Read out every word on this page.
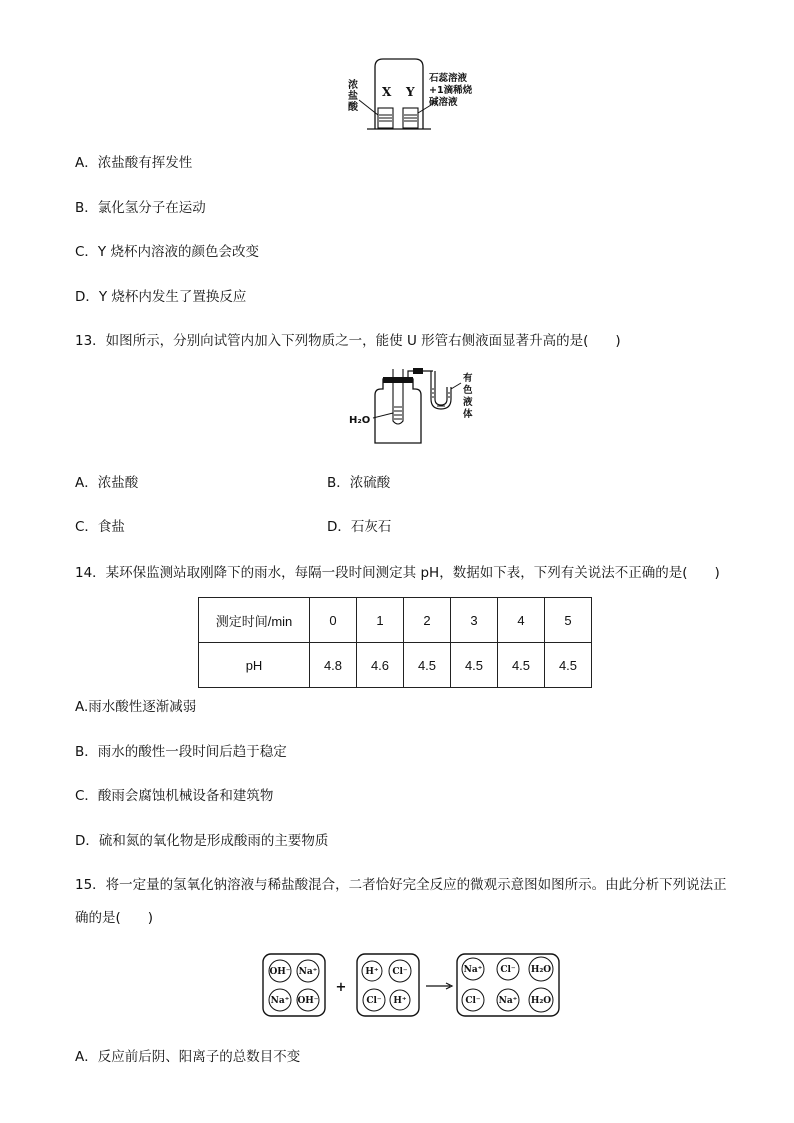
X Y
浓
盐
酸
石蕊溶液
+1滴稀烧
碱溶液
A．浓盐酸有挥发性
B．氯化氢分子在运动
C．Y 烧杯内溶液的颜色会改变
D．Y 烧杯内发生了置换反应
13．如图所示，分别向试管内加入下列物质之一，能使 U 形管右侧液面显著升高的是(　　)
H₂O
有
色
液
体
A．浓盐酸	B．浓硫酸
C．食盐	D．石灰石
14．某环保监测站取刚降下的雨水，每隔一段时间测定其 pH，数据如下表，下列有关说法不正确的是(　　)
测定时间/min	0	1	2	3	4	5
pH	4.8	4.6	4.5	4.5	4.5	4.5
A.雨水酸性逐渐减弱
B．雨水的酸性一段时间后趋于稳定
C．酸雨会腐蚀机械设备和建筑物
D．硫和氮的氧化物是形成酸雨的主要物质
15．将一定量的氢氧化钠溶液与稀盐酸混合，二者恰好完全反应的微观示意图如图所示。由此分析下列说法正
确的是(　　)
OH⁻ Na⁺
Na⁺ OH⁻
+
H⁺ Cl⁻
Cl⁻ H⁺
Na⁺ Cl⁻ H₂O
Cl⁻ Na⁺ H₂O
A．反应前后阴、阳离子的总数目不变
